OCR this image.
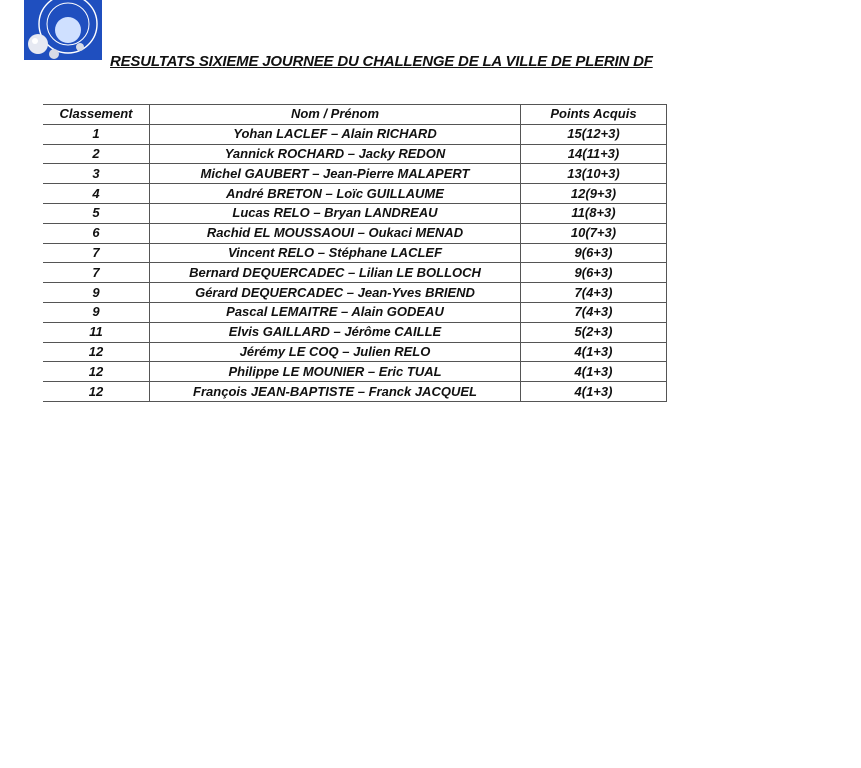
RESULTATS SIXIEME JOURNEE DU CHALLENGE DE LA VILLE DE PLERIN DF
Classement	Nom / Prénom	Points Acquis
1	Yohan LACLEF – Alain RICHARD	15(12+3)
2	Yannick ROCHARD – Jacky REDON	14(11+3)
3	Michel GAUBERT – Jean-Pierre MALAPERT	13(10+3)
4	André BRETON – Loïc GUILLAUME	12(9+3)
5	Lucas RELO – Bryan LANDREAU	11(8+3)
6	Rachid EL MOUSSAOUI – Oukaci MENAD	10(7+3)
7	Vincent RELO – Stéphane LACLEF	9(6+3)
7	Bernard DEQUERCADEC – Lilian LE BOLLOCH	9(6+3)
9	Gérard DEQUERCADEC – Jean-Yves BRIEND	7(4+3)
9	Pascal LEMAITRE – Alain GODEAU	7(4+3)
11	Elvis GAILLARD – Jérôme CAILLE	5(2+3)
12	Jérémy LE COQ – Julien RELO	4(1+3)
12	Philippe LE MOUNIER – Eric TUAL	4(1+3)
12	François JEAN-BAPTISTE – Franck JACQUEL	4(1+3)
